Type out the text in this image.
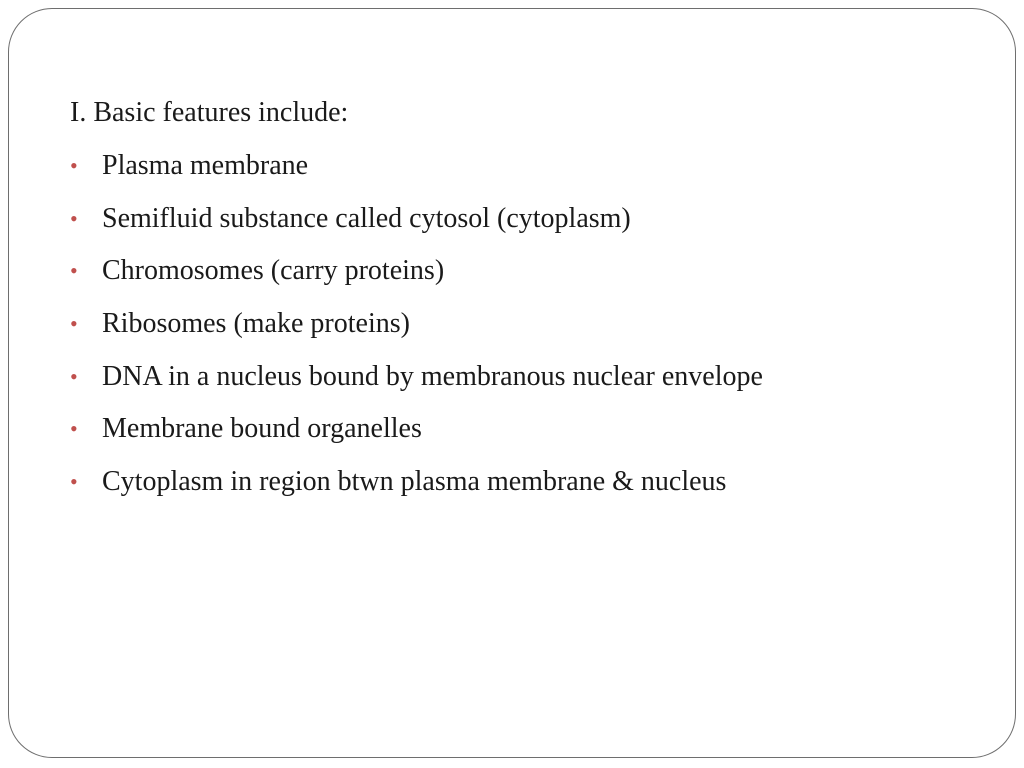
I. Basic features include:
• Plasma membrane
• Semifluid substance called cytosol (cytoplasm)
• Chromosomes (carry proteins)
• Ribosomes (make proteins)
• DNA in a nucleus bound by membranous nuclear envelope
• Membrane bound organelles
• Cytoplasm in region btwn plasma membrane & nucleus
